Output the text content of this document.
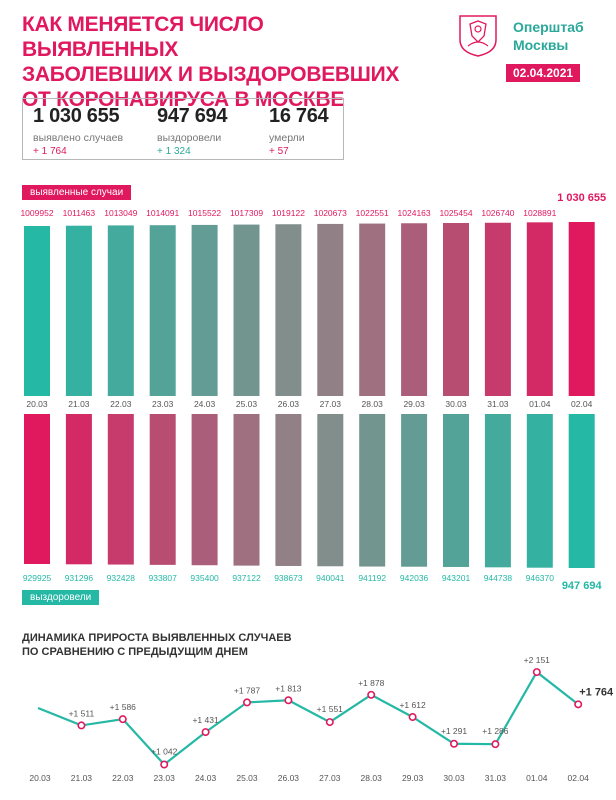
КАК МЕНЯЕТСЯ ЧИСЛО ВЫЯВЛЕННЫХ
ЗАБОЛЕВШИХ И ВЫЗДОРОВЕВШИХ
ОТ КОРОНАВИРУСА В МОСКВЕ
Оперштаб
Москвы
02.04.2021
1 030 655
выявлено случаев
+ 1 764
947 694
выздоровели
+ 1 324
16 764
умерли
+ 57
выявленные случаи
выздоровели
ДИНАМИКА ПРИРОСТА ВЫЯВЛЕННЫХ СЛУЧАЕВ
ПО СРАВНЕНИЮ С ПРЕДЫДУЩИМ ДНЕМ
1009952 1011463 1013049 1014091 1015522 1017309 1019122 1020673 1022551 1024163 1025454 1026740 1028891
1 030 655
20.03 21.03 22.03 23.03 24.03 25.03 26.03 27.03 28.03 29.03 30.03 31.03 01.04 02.04
929925 931296 932428 933807 935400 937122 938673 940041 941192 942036 943201 944738 946370
947 694
+1 511
+1 586
+1 042
+1 431
+1 787 +1 813
+1 551
+1 878
+1 612
+1 291 +1 286
+2 151
+1 764
20.03 21.03 22.03 23.03 24.03 25.03 26.03 27.03 28.03 29.03 30.03 31.03 01.04 02.04
